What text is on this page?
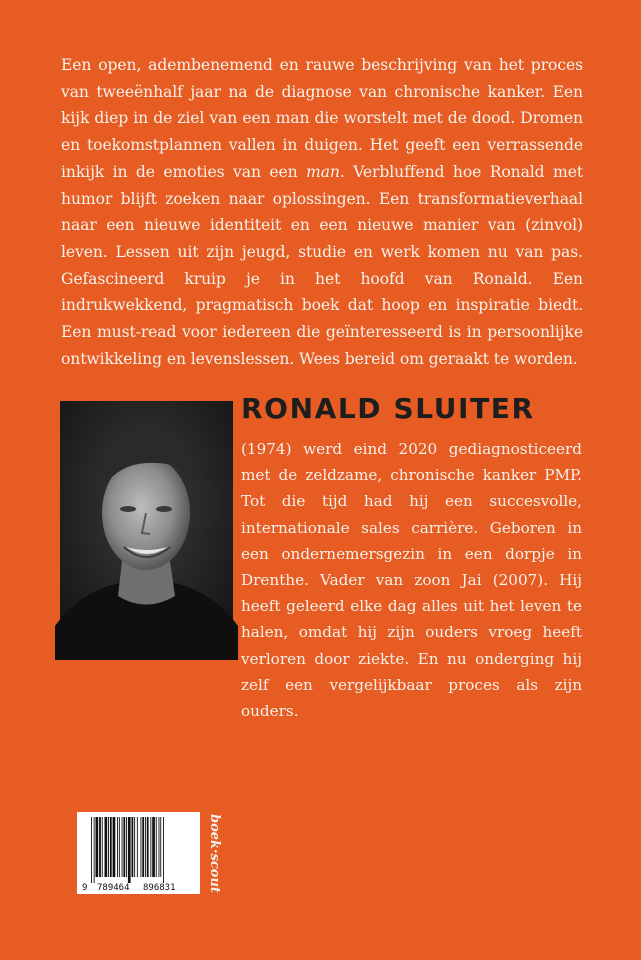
Een open, adembenemend en rauwe beschrijving van het proces van tweeënhalf jaar na de diagnose van chronische kanker. Een kijk diep in de ziel van een man die worstelt met de dood. Dromen en toekomstplannen vallen in duigen. Het geeft een verrassende inkijk in de emoties van een man. Verbluffend hoe Ronald met humor blijft zoeken naar oplossingen. Een transformatieverhaal naar een nieuwe identiteit en een nieuwe manier van (zinvol) leven. Lessen uit zijn jeugd, studie en werk komen nu van pas. Gefascineerd kruip je in het hoofd van Ronald. Een indrukwekkend, pragmatisch boek dat hoop en inspiratie biedt. Een must-read voor iedereen die geïnteresseerd is in persoonlijke ontwikkeling en levenslessen. Wees bereid om geraakt te worden.

RONALD SLUITER

(1974) werd eind 2020 gediagnosticeerd met de zeldzame, chronische kanker PMP. Tot die tijd had hij een succesvolle, internationale sales carrière. Geboren in een ondernemersgezin in een dorpje in Drenthe. Vader van zoon Jai (2007). Hij heeft geleerd elke dag alles uit het leven te halen, omdat hij zijn ouders vroeg heeft verloren door ziekte. En nu onderging hij zelf een vergelijkbaar proces als zijn ouders.

9 789464 896831 boek·scout
